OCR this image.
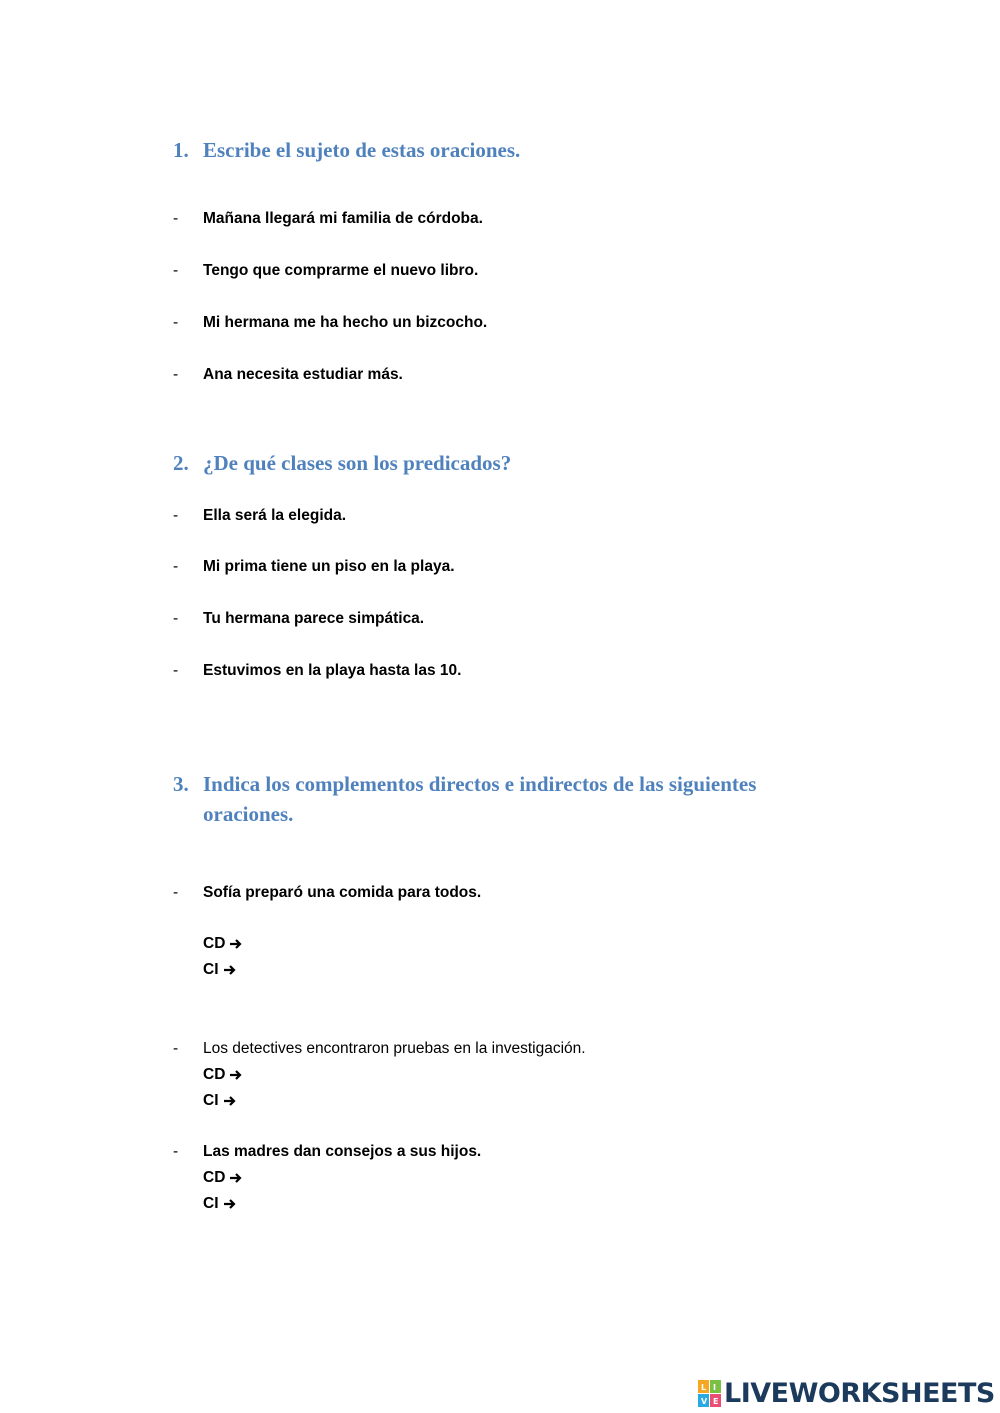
1. Escribe el sujeto de estas oraciones.
-	Mañana llegará mi familia de córdoba.
-	Tengo que comprarme el nuevo libro.
-	Mi hermana me ha hecho un bizcocho.
-	Ana necesita estudiar más.
2. ¿De qué clases son los predicados?
-	Ella será la elegida.
-	Mi prima tiene un piso en la playa.
-	Tu hermana parece simpática.
-	Estuvimos en la playa hasta las 10.
3. Indica los complementos directos e indirectos de las siguientes
oraciones.
-	Sofía preparó una comida para todos.
CD
CI
-	Los detectives encontraron pruebas en la investigación.
CD
CI
-	Las madres dan consejos a sus hijos.
CD
CI
L I
V E LIVEWORKSHEETS
